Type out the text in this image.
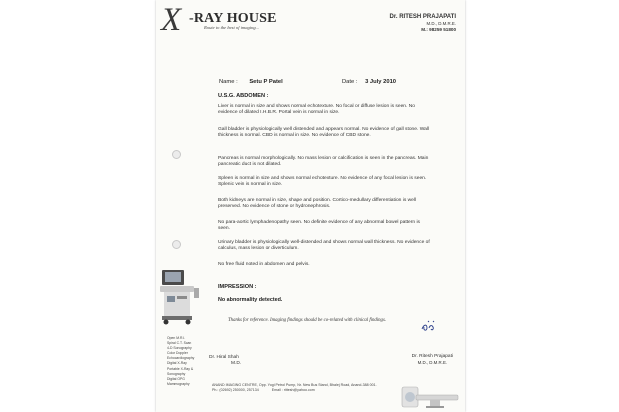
X -RAY HOUSE
Route to the best of imaging...
Dr. RITESH PRAJAPATI
M.D., D.M.R.E.
M.: 98259 51800
Name : Setu P Patel	Date : 3 July 2010
U.S.G. ABDOMEN :

Liver is normal in size and shows normal echotexture. No focal or diffuse lesion is seen. No evidence of dilated I.H.B.R. Portal vein is normal in size.

Gall bladder is physiologically well distended and appears normal. No evidence of gall stone. Wall thickness is normal. CBD is normal in size. No evidence of CBD stone.

Pancreas is normal morphologically. No mass lesion or calcification is seen in the pancreas. Main pancreatic duct is not dilated.

Spleen is normal in size and shows normal echotexture. No evidence of any focal lesion is seen. Splenic vein is normal in size.

Both kidneys are normal in size, shape and position. Cortico-medullary differentiation is well preserved. No evidence of stone or hydronephrosis.

No para-aortic lymphadenopathy seen. No definite evidence of any abnormal bowel pattern is seen.

Urinary bladder is physiologically well-distended and shows normal wall thickness. No evidence of calculus, mass lesion or diverticulum.

No free fluid noted in abdomen and pelvis.

IMPRESSION :
No abnormality detected.
Thanks for reference. Imaging findings should be co-related with clinical findings.
Open M.R.I.
Spiral C.T. Scan
4-D Sonography
Color Doppler
Echocardiography
Digital X-Ray
Portable X-Ray &
Sonography
Digital OPG
Mammography
Dr. Hiral Shah
M.D.
Dr. Ritesh Prajapati
M.D., D.M.R.E.
ANAND IMAGING CENTRE, Opp. Yogi Petrol Pump, Nr. New Bus Stand, Bhalej Road, Anand-388 001.
Ph.: (02692) 250000, 257134	Email : rittesh@yahoo.com
